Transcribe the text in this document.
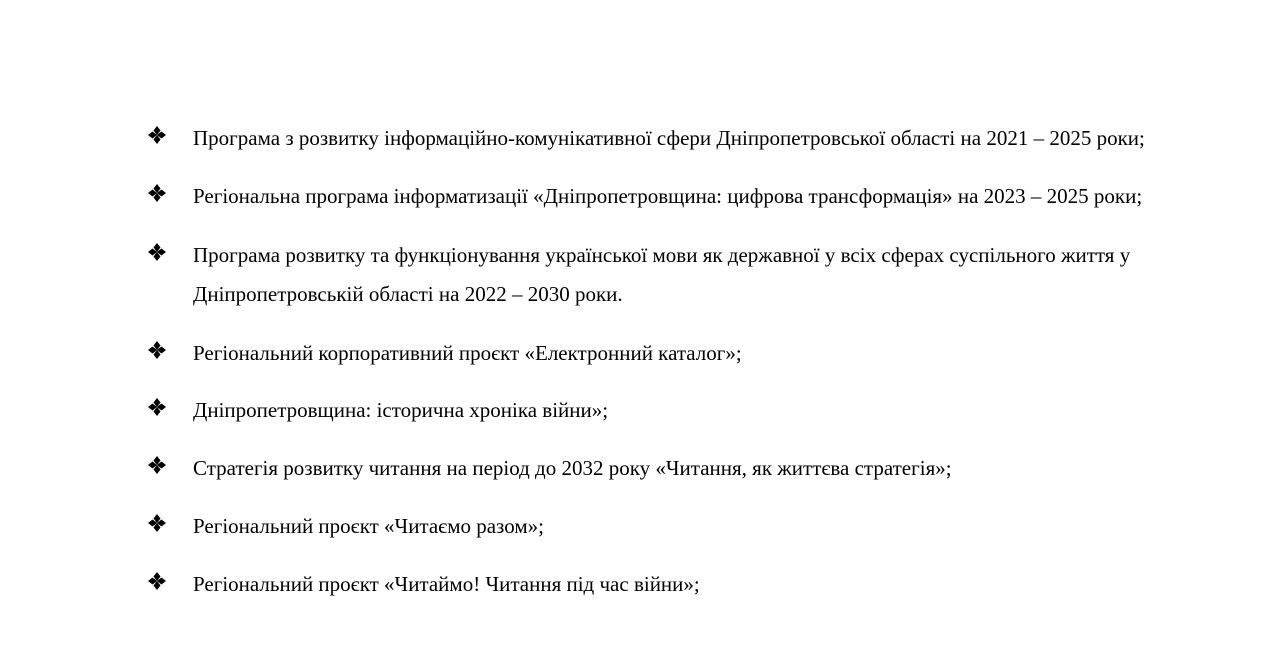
Програма з розвитку інформаційно-комунікативної сфери Дніпропетровської області на 2021 – 2025 роки;
Регіональна програма інформатизації «Дніпропетровщина: цифрова трансформація» на 2023 – 2025 роки;
Програма розвитку та функціонування української мови як державної у всіх сферах суспільного життя у
Дніпропетровській області на 2022 – 2030 роки.
Регіональний корпоративний проєкт «Електронний каталог»;
Дніпропетровщина: історична хроніка війни»;
Стратегія розвитку читання на період до 2032 року «Читання, як життєва стратегія»;
Регіональний проєкт «Читаємо разом»;
Регіональний проєкт «Читаймо! Читання під час війни»;
